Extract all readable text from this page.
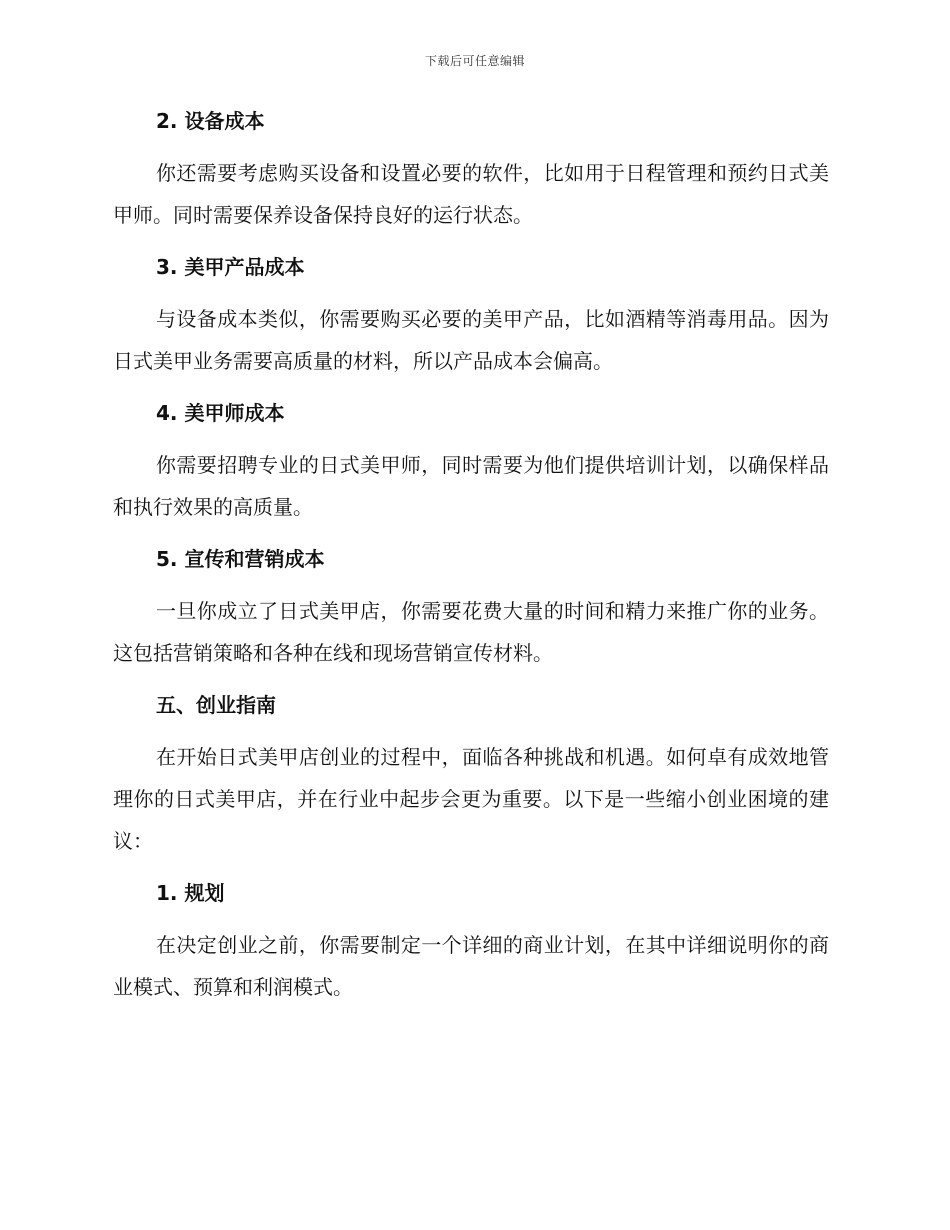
下载后可任意编辑
2. 设备成本
你还需要考虑购买设备和设置必要的软件，比如用于日程管理和预约日式美甲师。同时需要保养设备保持良好的运行状态。
3. 美甲产品成本
与设备成本类似，你需要购买必要的美甲产品，比如酒精等消毒用品。因为日式美甲业务需要高质量的材料，所以产品成本会偏高。
4. 美甲师成本
你需要招聘专业的日式美甲师，同时需要为他们提供培训计划，以确保样品和执行效果的高质量。
5. 宣传和营销成本
一旦你成立了日式美甲店，你需要花费大量的时间和精力来推广你的业务。这包括营销策略和各种在线和现场营销宣传材料。
五、创业指南
在开始日式美甲店创业的过程中，面临各种挑战和机遇。如何卓有成效地管理你的日式美甲店，并在行业中起步会更为重要。以下是一些缩小创业困境的建议：
1. 规划
在决定创业之前，你需要制定一个详细的商业计划，在其中详细说明你的商业模式、预算和利润模式。
